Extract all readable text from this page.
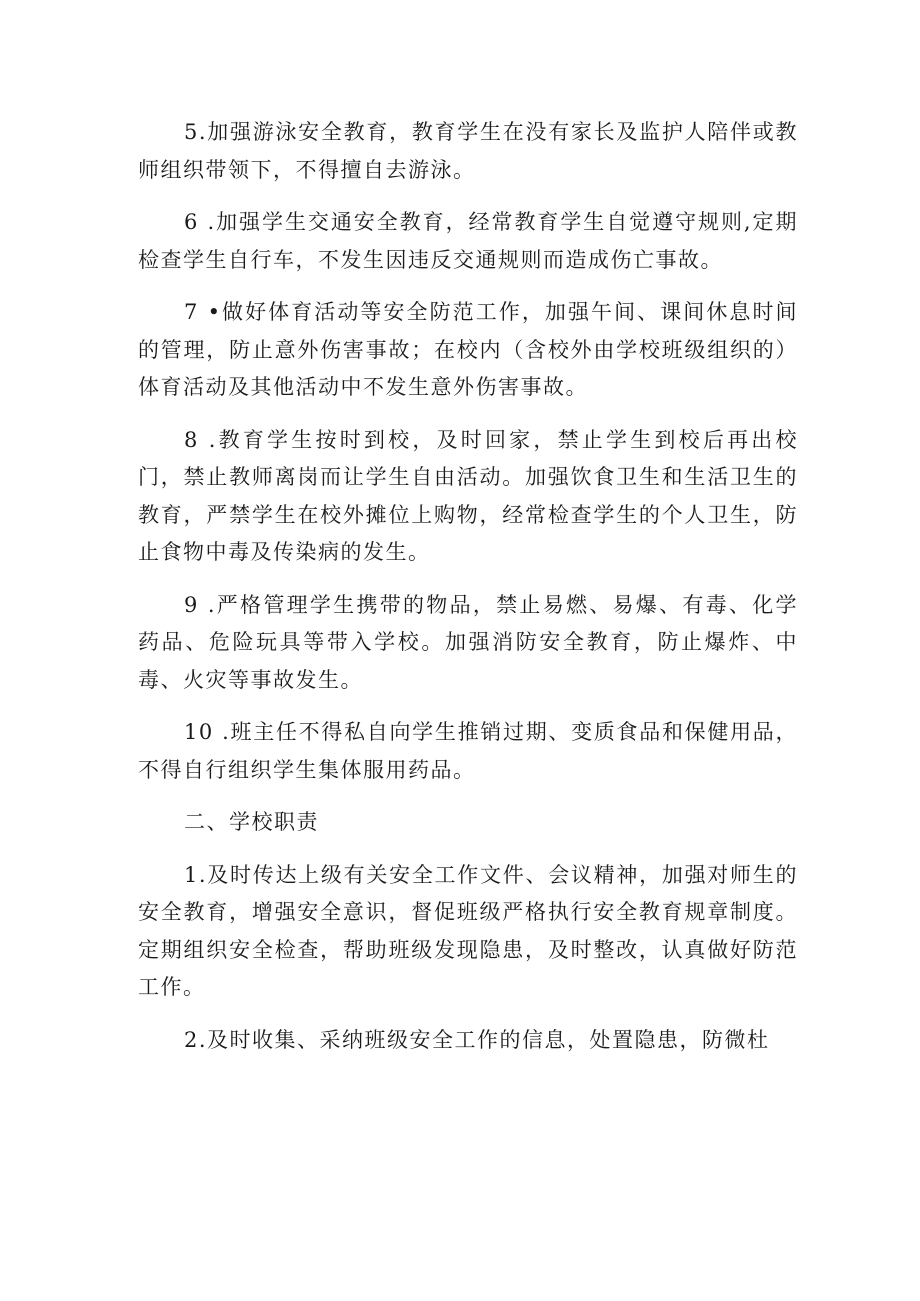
5.加强游泳安全教育，教育学生在没有家长及监护人陪伴或教师组织带领下，不得擅自去游泳。

6 .加强学生交通安全教育，经常教育学生自觉遵守规则,定期检查学生自行车，不发生因违反交通规则而造成伤亡事故。

7 •做好体育活动等安全防范工作，加强午间、课间休息时间的管理，防止意外伤害事故；在校内（含校外由学校班级组织的）体育活动及其他活动中不发生意外伤害事故。

8 .教育学生按时到校，及时回家，禁止学生到校后再出校门，禁止教师离岗而让学生自由活动。加强饮食卫生和生活卫生的教育，严禁学生在校外摊位上购物，经常检查学生的个人卫生，防止食物中毒及传染病的发生。

9 .严格管理学生携带的物品，禁止易燃、易爆、有毒、化学药品、危险玩具等带入学校。加强消防安全教育，防止爆炸、中毒、火灾等事故发生。

10 .班主任不得私自向学生推销过期、变质食品和保健用品，不得自行组织学生集体服用药品。

二、学校职责

1.及时传达上级有关安全工作文件、会议精神，加强对师生的安全教育，增强安全意识，督促班级严格执行安全教育规章制度。定期组织安全检查，帮助班级发现隐患，及时整改，认真做好防范工作。

2.及时收集、采纳班级安全工作的信息，处置隐患，防微杜
